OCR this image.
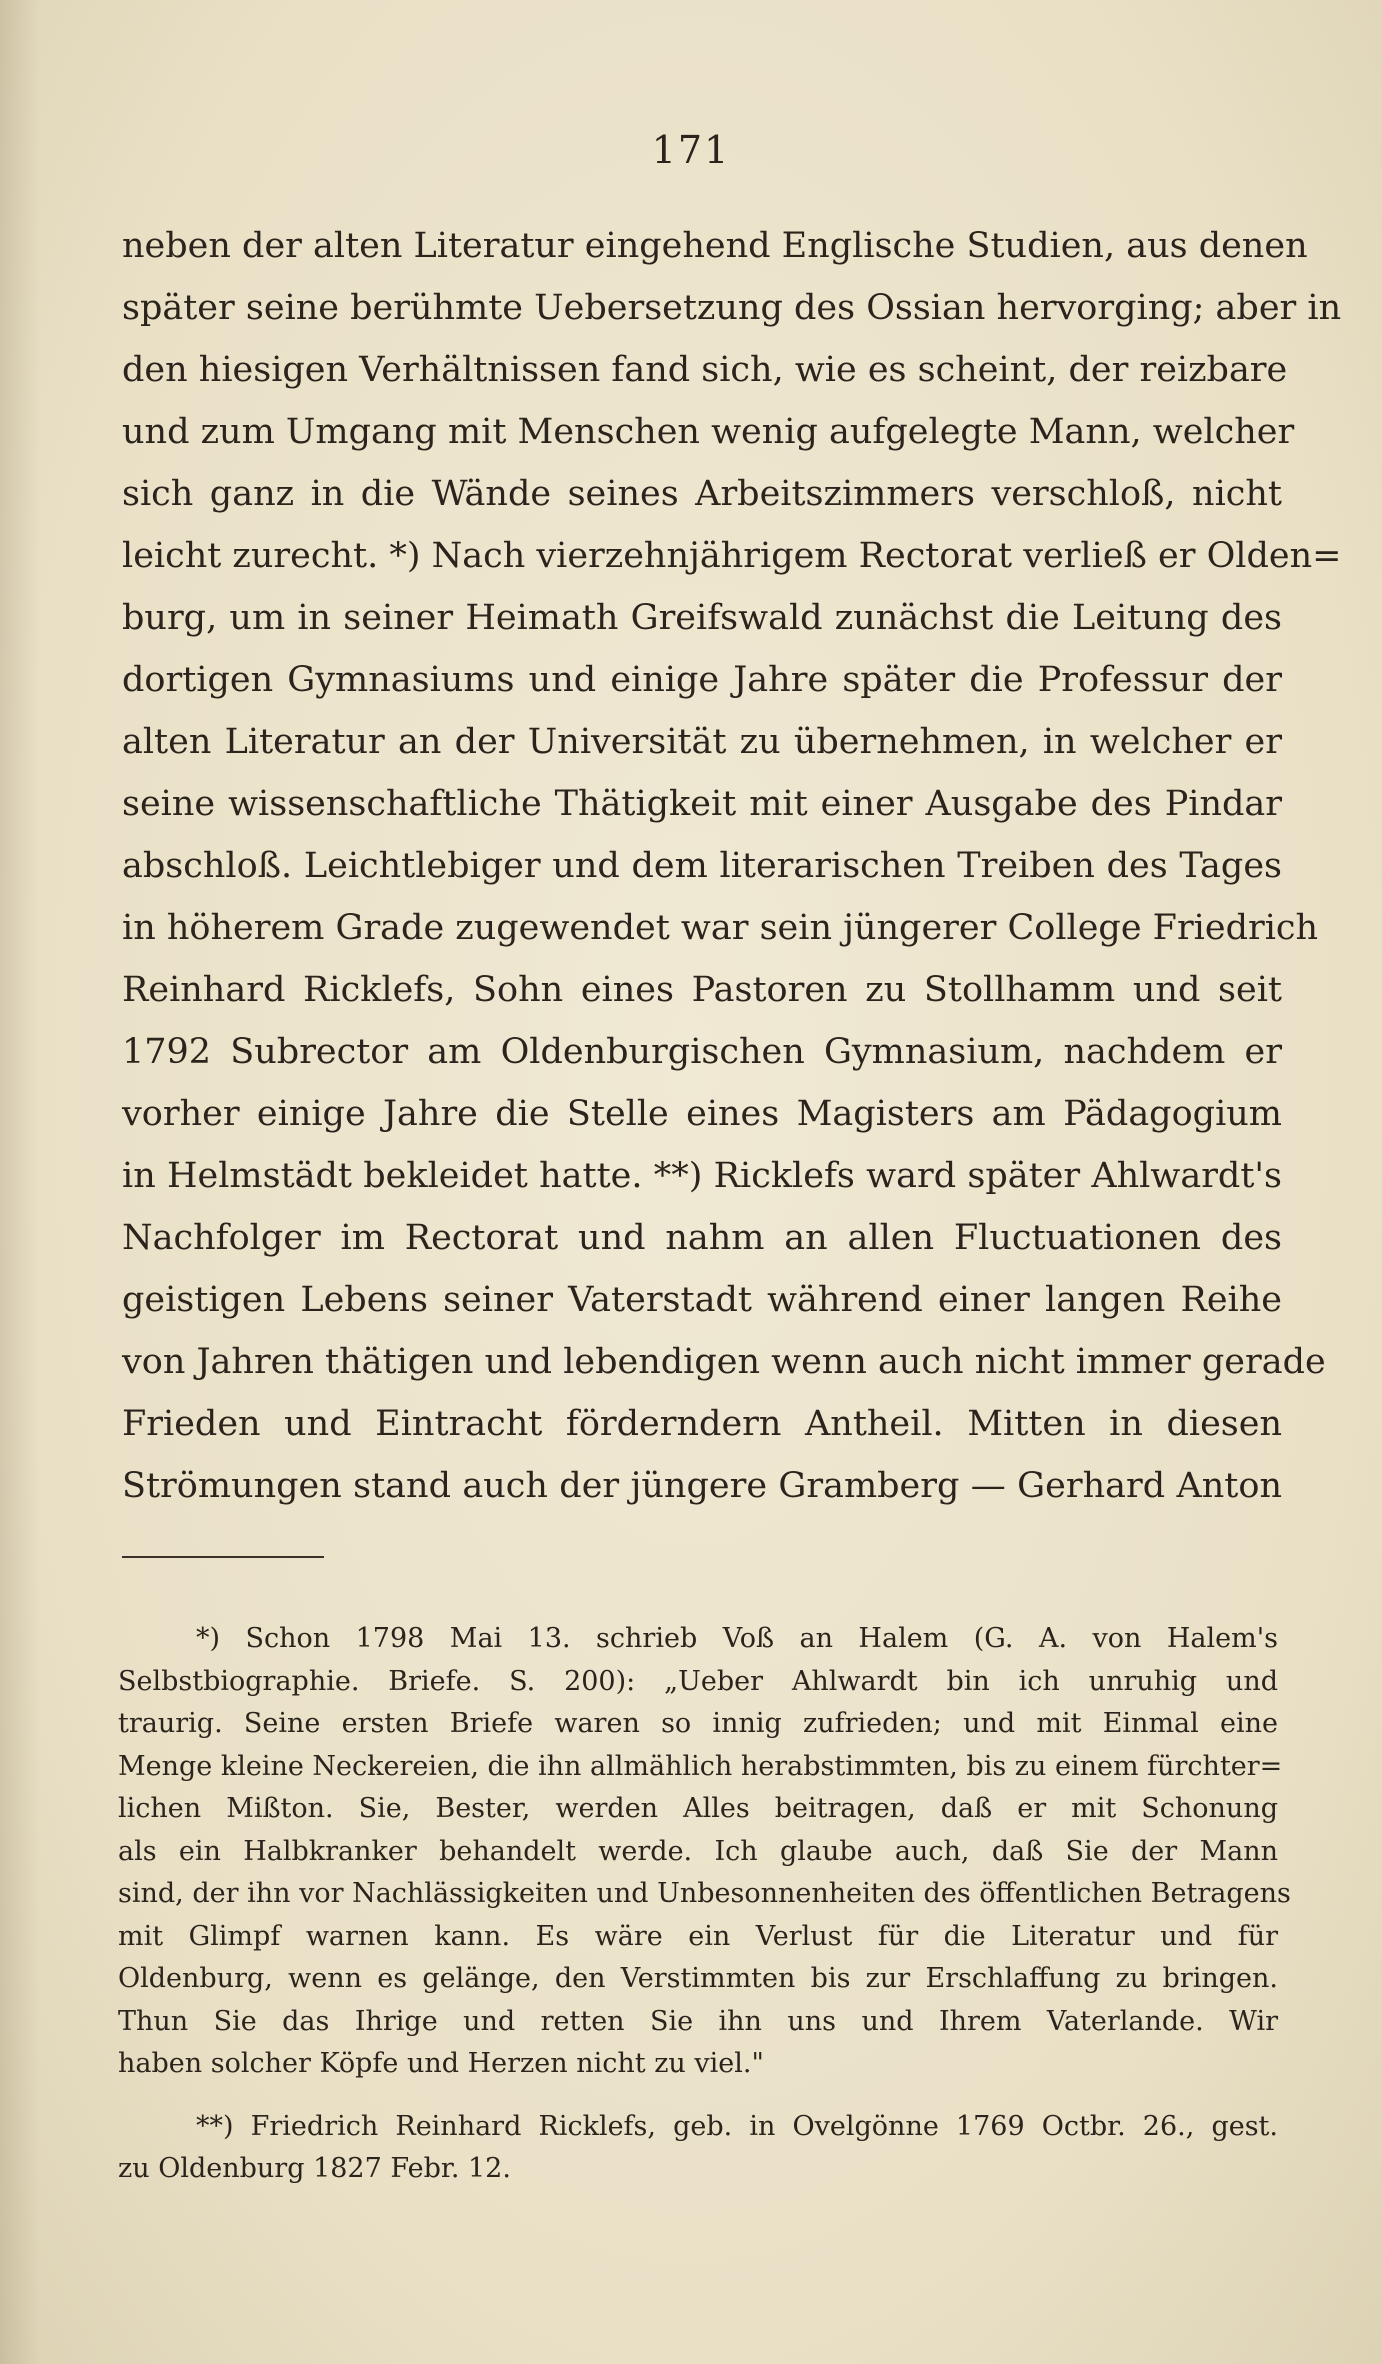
171
neben der alten Literatur eingehend Englische Studien, aus denen
später seine berühmte Uebersetzung des Ossian hervorging; aber in
den hiesigen Verhältnissen fand sich, wie es scheint, der reizbare
und zum Umgang mit Menschen wenig aufgelegte Mann, welcher
sich ganz in die Wände seines Arbeitszimmers verschloß, nicht
leicht zurecht. *) Nach vierzehnjährigem Rectorat verließ er Olden=
burg, um in seiner Heimath Greifswald zunächst die Leitung des
dortigen Gymnasiums und einige Jahre später die Professur der
alten Literatur an der Universität zu übernehmen, in welcher er
seine wissenschaftliche Thätigkeit mit einer Ausgabe des Pindar
abschloß. Leichtlebiger und dem literarischen Treiben des Tages
in höherem Grade zugewendet war sein jüngerer College Friedrich
Reinhard Ricklefs, Sohn eines Pastoren zu Stollhamm und seit
1792 Subrector am Oldenburgischen Gymnasium, nachdem er
vorher einige Jahre die Stelle eines Magisters am Pädagogium
in Helmstädt bekleidet hatte. **) Ricklefs ward später Ahlwardt's
Nachfolger im Rectorat und nahm an allen Fluctuationen des
geistigen Lebens seiner Vaterstadt während einer langen Reihe
von Jahren thätigen und lebendigen wenn auch nicht immer gerade
Frieden und Eintracht förderndern Antheil. Mitten in diesen
Strömungen stand auch der jüngere Gramberg — Gerhard Anton
*) Schon 1798 Mai 13. schrieb Voß an Halem (G. A. von Halem's
Selbstbiographie. Briefe. S. 200): „Ueber Ahlwardt bin ich unruhig und
traurig. Seine ersten Briefe waren so innig zufrieden; und mit Einmal eine
Menge kleine Neckereien, die ihn allmählich herabstimmten, bis zu einem fürchter=
lichen Mißton. Sie, Bester, werden Alles beitragen, daß er mit Schonung
als ein Halbkranker behandelt werde. Ich glaube auch, daß Sie der Mann
sind, der ihn vor Nachlässigkeiten und Unbesonnenheiten des öffentlichen Betragens
mit Glimpf warnen kann. Es wäre ein Verlust für die Literatur und für
Oldenburg, wenn es gelänge, den Verstimmten bis zur Erschlaffung zu bringen.
Thun Sie das Ihrige und retten Sie ihn uns und Ihrem Vaterlande. Wir
haben solcher Köpfe und Herzen nicht zu viel."
**) Friedrich Reinhard Ricklefs, geb. in Ovelgönne 1769 Octbr. 26., gest.
zu Oldenburg 1827 Febr. 12.
